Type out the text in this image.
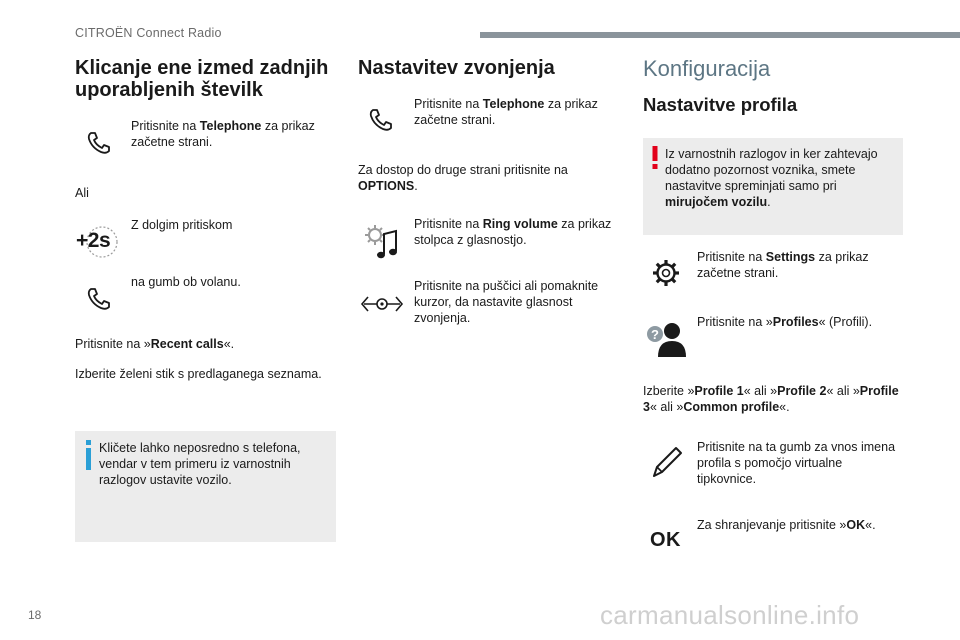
CITROËN Connect Radio
Klicanje ene izmed zadnjih uporabljenih številk
Pritisnite na Telephone za prikaz začetne strani.
Ali
Z dolgim pritiskom
+2s
na gumb ob volanu.
Pritisnite na »Recent calls«.
Izberite želeni stik s predlaganega seznama.
Kličete lahko neposredno s telefona, vendar v tem primeru iz varnostnih razlogov ustavite vozilo.
Nastavitev zvonjenja
Pritisnite na Telephone za prikaz začetne strani.
Za dostop do druge strani pritisnite na OPTIONS.
Pritisnite na Ring volume za prikaz stolpca z glasnostjo.
Pritisnite na puščici ali pomaknite kurzor, da nastavite glasnost zvonjenja.
Konfiguracija
Nastavitve profila
Iz varnostnih razlogov in ker zahtevajo dodatno pozornost voznika, smete nastavitve spreminjati samo pri mirujočem vozilu.
Pritisnite na Settings za prikaz začetne strani.
?
Pritisnite na »Profiles« (Profili).
Izberite »Profile 1« ali »Profile 2« ali »Profile 3« ali »Common profile«.
Pritisnite na ta gumb za vnos imena profila s pomočjo virtualne tipkovnice.
OK
Za shranjevanje pritisnite »OK«.
18	carmanualsonline.info
